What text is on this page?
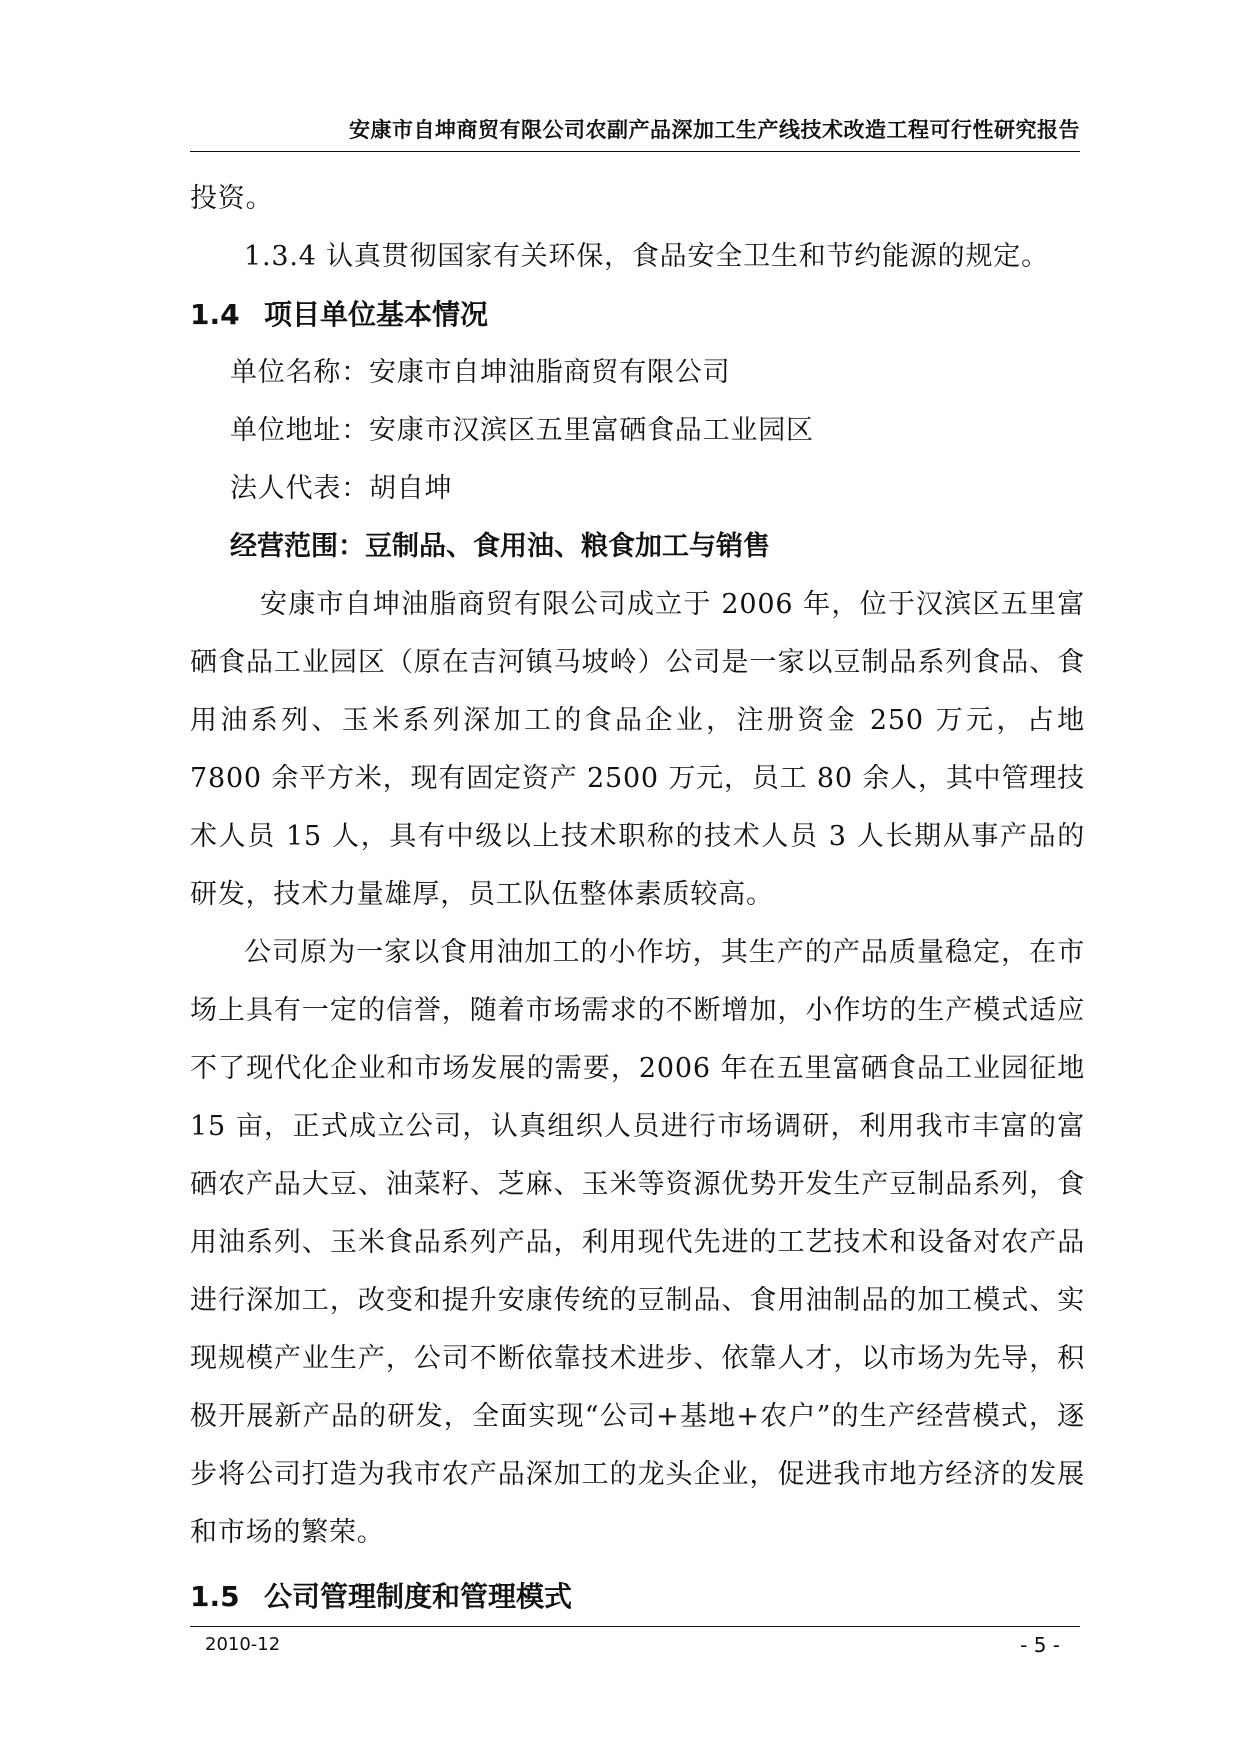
安康市自坤商贸有限公司农副产品深加工生产线技术改造工程可行性研究报告

投资。

1.3.4 认真贯彻国家有关环保，食品安全卫生和节约能源的规定。

1.4 项目单位基本情况

单位名称：安康市自坤油脂商贸有限公司

单位地址：安康市汉滨区五里富硒食品工业园区

法人代表：胡自坤

经营范围：豆制品、食用油、粮食加工与销售

安康市自坤油脂商贸有限公司成立于 2006 年，位于汉滨区五里富硒食品工业园区（原在吉河镇马坡岭）公司是一家以豆制品系列食品、食用油系列、玉米系列深加工的食品企业，注册资金 250 万元，占地 7800 余平方米，现有固定资产 2500 万元，员工 80 余人，其中管理技术人员 15 人，具有中级以上技术职称的技术人员 3 人长期从事产品的研发，技术力量雄厚，员工队伍整体素质较高。

公司原为一家以食用油加工的小作坊，其生产的产品质量稳定，在市场上具有一定的信誉，随着市场需求的不断增加，小作坊的生产模式适应不了现代化企业和市场发展的需要，2006 年在五里富硒食品工业园征地 15 亩，正式成立公司，认真组织人员进行市场调研，利用我市丰富的富硒农产品大豆、油菜籽、芝麻、玉米等资源优势开发生产豆制品系列，食用油系列、玉米食品系列产品，利用现代先进的工艺技术和设备对农产品进行深加工，改变和提升安康传统的豆制品、食用油制品的加工模式、实现规模产业生产，公司不断依靠技术进步、依靠人才，以市场为先导，积极开展新产品的研发，全面实现“公司+基地+农户”的生产经营模式，逐步将公司打造为我市农产品深加工的龙头企业，促进我市地方经济的发展和市场的繁荣。

1.5 公司管理制度和管理模式
2010-12	- 5 -
